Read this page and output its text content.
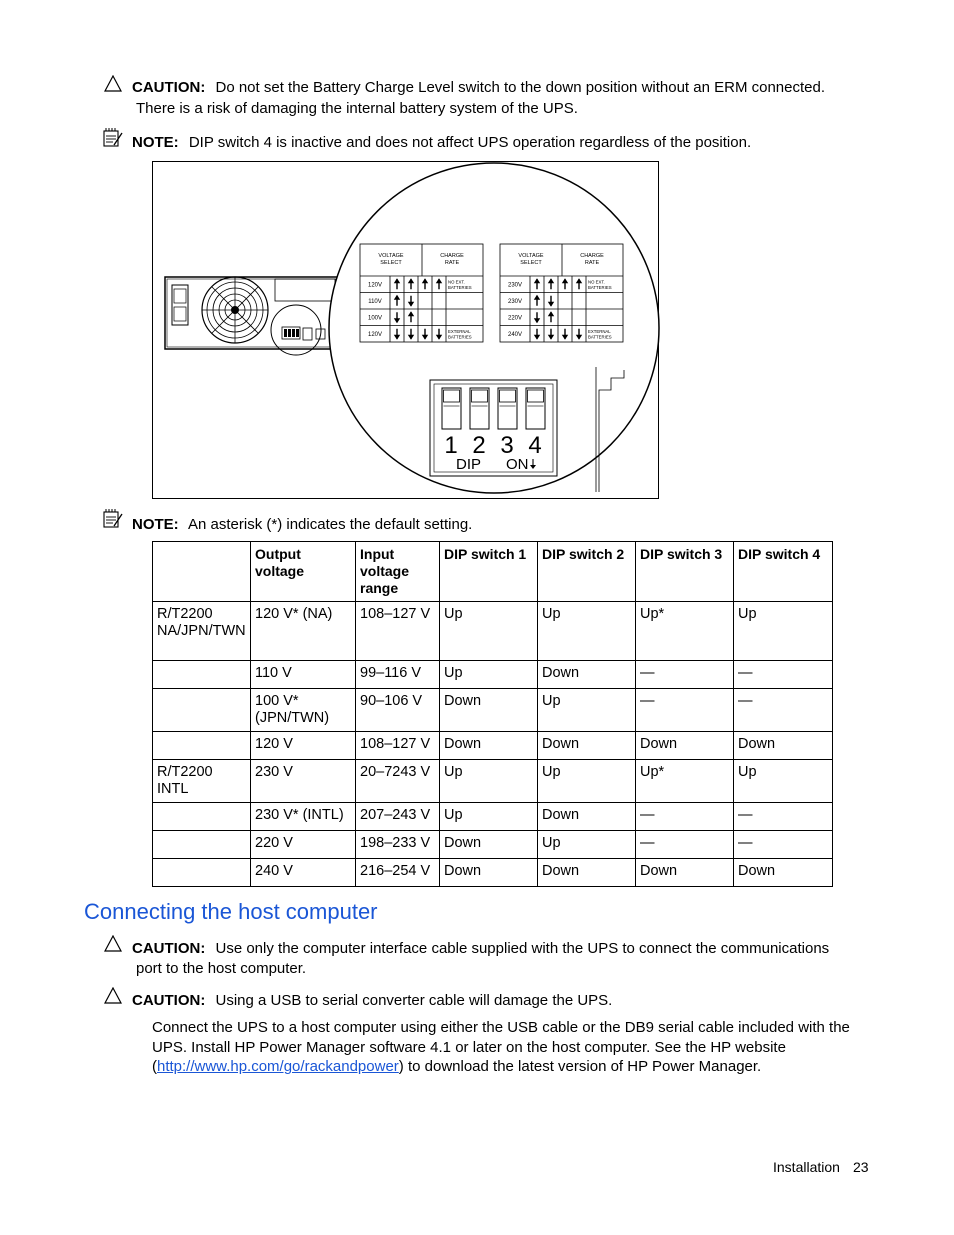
CAUTION: Do not set the Battery Charge Level switch to the down position without an ERM connected.
There is a risk of damaging the internal battery system of the UPS.
NOTE: DIP switch 4 is inactive and does not affect UPS operation regardless of the position.
VOLTAGE
SELECT
CHARGE
RATE
120V
NO EXT.
BATTERIES
110V
100V
120V
EXTERNAL
BATTERIES
VOLTAGE
SELECT
CHARGE
RATE
230V
NO EXT.
BATTERIES
230V
220V
240V
EXTERNAL
BATTERIES
1 2 3 4
DIP ON
NOTE: An asterisk (*) indicates the default setting.
	Output voltage	Input voltage range	DIP switch 1	DIP switch 2	DIP switch 3	DIP switch 4
R/T2200 NA/JPN/TWN	120 V* (NA)	108–127 V	Up	Up	Up*	Up
	110 V	99–116 V	Up	Down	—	—
	100 V* (JPN/TWN)	90–106 V	Down	Up	—	—
	120 V	108–127 V	Down	Down	Down	Down
R/T2200 INTL	230 V	20–7243 V	Up	Up	Up*	Up
	230 V* (INTL)	207–243 V	Up	Down	—	—
	220 V	198–233 V	Down	Up	—	—
	240 V	216–254 V	Down	Down	Down	Down
Connecting the host computer
CAUTION: Use only the computer interface cable supplied with the UPS to connect the communications
port to the host computer.
CAUTION: Using a USB to serial converter cable will damage the UPS.
Connect the UPS to a host computer using either the USB cable or the DB9 serial cable included with the UPS. Install HP Power Manager software 4.1 or later on the host computer. See the HP website (http://www.hp.com/go/rackandpower) to download the latest version of HP Power Manager.
Installation 23
